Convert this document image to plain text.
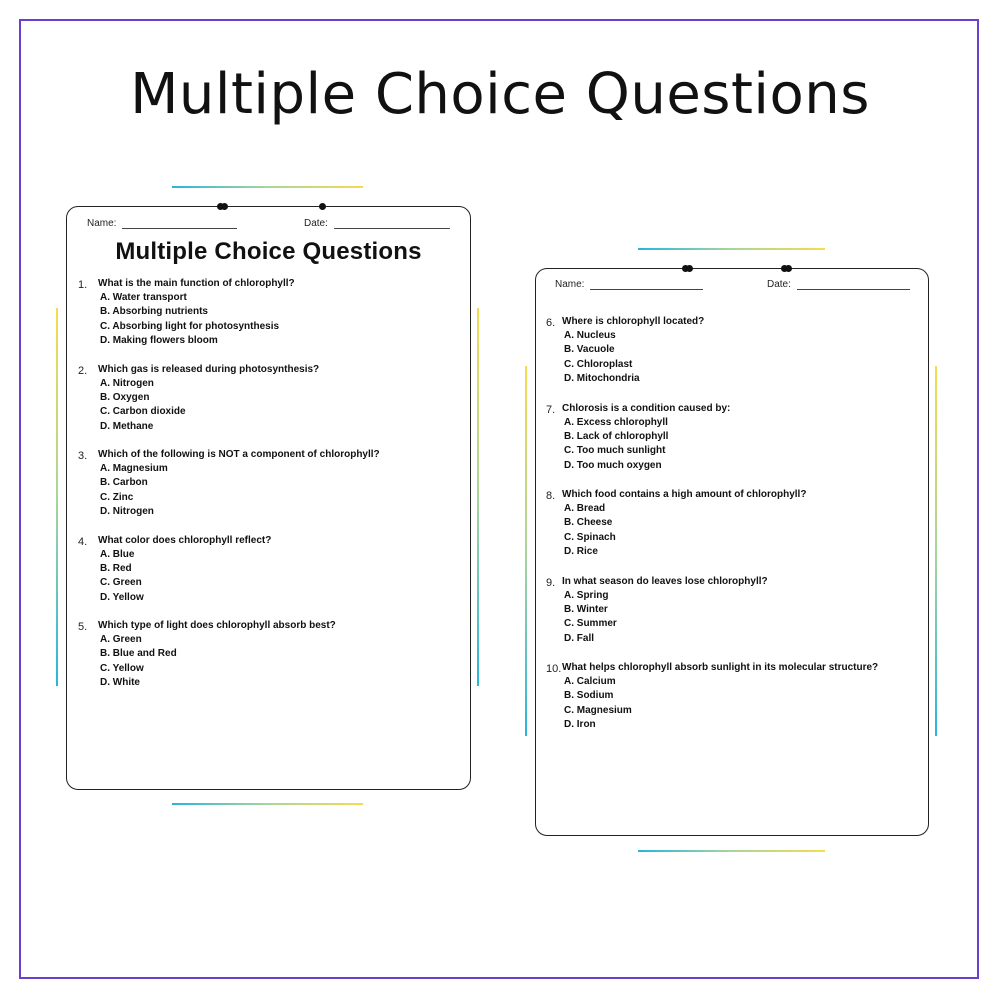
Multiple Choice Questions
Name:	Date:
Multiple Choice Questions
1. What is the main function of chlorophyll?
A. Water transport
B. Absorbing nutrients
C. Absorbing light for photosynthesis
D. Making flowers bloom
2. Which gas is released during photosynthesis?
A. Nitrogen
B. Oxygen
C. Carbon dioxide
D. Methane
3. Which of the following is NOT a component of chlorophyll?
A. Magnesium
B. Carbon
C. Zinc
D. Nitrogen
4. What color does chlorophyll reflect?
A. Blue
B. Red
C. Green
D. Yellow
5. Which type of light does chlorophyll absorb best?
A. Green
B. Blue and Red
C. Yellow
D. White
Name:	Date:
6. Where is chlorophyll located?
A. Nucleus
B. Vacuole
C. Chloroplast
D. Mitochondria
7. Chlorosis is a condition caused by:
A. Excess chlorophyll
B. Lack of chlorophyll
C. Too much sunlight
D. Too much oxygen
8. Which food contains a high amount of chlorophyll?
A. Bread
B. Cheese
C. Spinach
D. Rice
9. In what season do leaves lose chlorophyll?
A. Spring
B. Winter
C. Summer
D. Fall
10. What helps chlorophyll absorb sunlight in its molecular structure?
A. Calcium
B. Sodium
C. Magnesium
D. Iron
